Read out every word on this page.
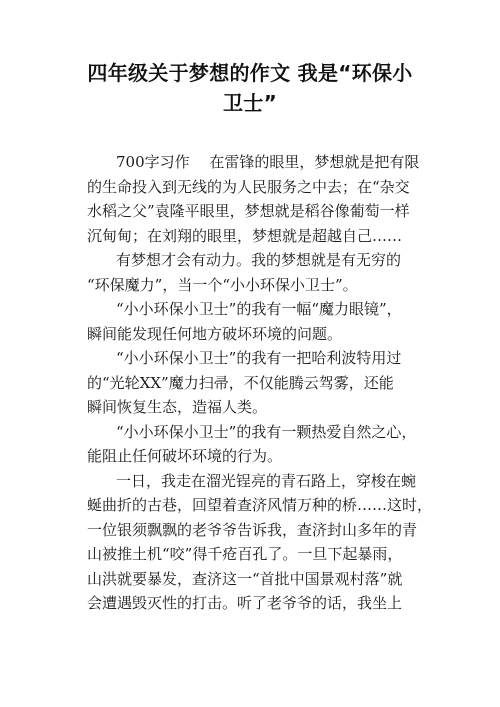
四年级关于梦想的作文 我是“环保小
卫士”
700字习作　 在雷锋的眼里，梦想就是把有限
的生命投入到无线的为人民服务之中去；在“杂交
水稻之父”袁隆平眼里，梦想就是稻谷像葡萄一样
沉甸甸；在刘翔的眼里，梦想就是超越自己……
有梦想才会有动力。我的梦想就是有无穷的
“环保魔力”，当一个“小小环保小卫士”。
“小小环保小卫士”的我有一幅“魔力眼镜”，
瞬间能发现任何地方破坏环境的问题。
“小小环保小卫士”的我有一把哈利波特用过
的“光轮XX”魔力扫帚，不仅能腾云驾雾，还能
瞬间恢复生态，造福人类。
“小小环保小卫士”的我有一颗热爱自然之心，
能阻止任何破坏环境的行为。
一日，我走在溜光锃亮的青石路上，穿梭在蜿
蜒曲折的古巷，回望着查济风情万种的桥……这时，
一位银须飘飘的老爷爷告诉我，查济封山多年的青
山被推土机“咬”得千疮百孔了。一旦下起暴雨，
山洪就要暴发，查济这一“首批中国景观村落”就
会遭遇毁灭性的打击。听了老爷爷的话，我坐上
